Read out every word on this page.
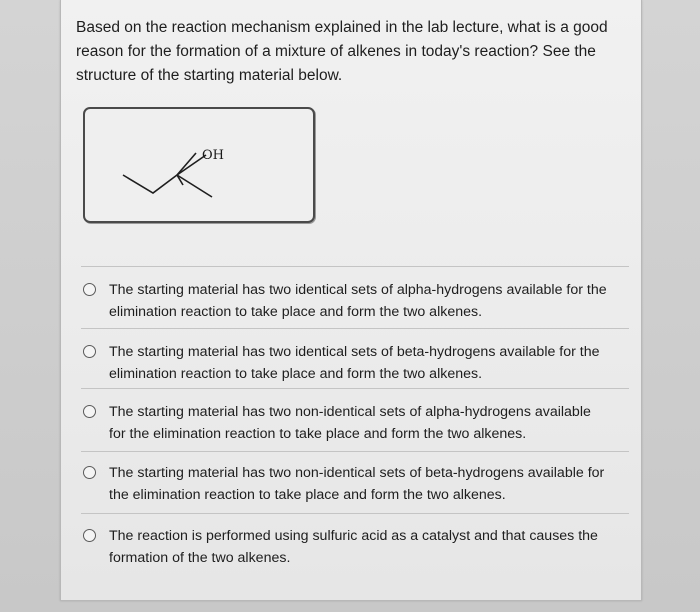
Based on the reaction mechanism explained in the lab lecture, what is a good reason for the formation of a mixture of alkenes in today's reaction? See the structure of the starting material below.
OH
The starting material has two identical sets of alpha-hydrogens available for the elimination reaction to take place and form the two alkenes.
The starting material has two identical sets of beta-hydrogens available for the elimination reaction to take place and form the two alkenes.
The starting material has two non-identical sets of alpha-hydrogens available for the elimination reaction to take place and form the two alkenes.
The starting material has two non-identical sets of beta-hydrogens available for the elimination reaction to take place and form the two alkenes.
The reaction is performed using sulfuric acid as a catalyst and that causes the formation of the two alkenes.
